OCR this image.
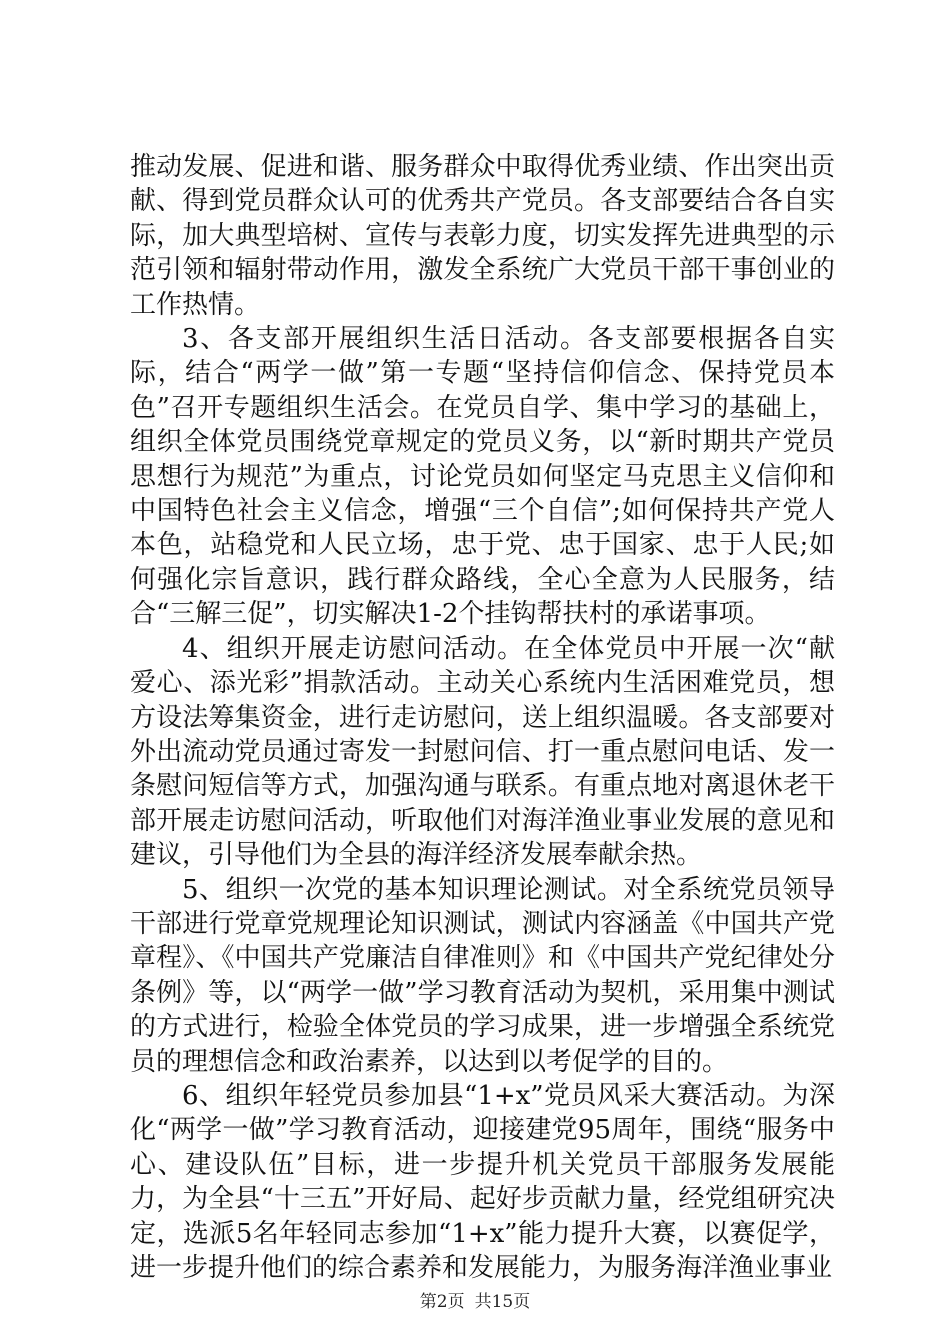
推动发展、促进和谐、服务群众中取得优秀业绩、作出突出贡献、得到党员群众认可的优秀共产党员。各支部要结合各自实际，加大典型培树、宣传与表彰力度，切实发挥先进典型的示范引领和辐射带动作用，激发全系统广大党员干部干事创业的工作热情。

3、各支部开展组织生活日活动。各支部要根据各自实际，结合“两学一做”第一专题“坚持信仰信念、保持党员本色”召开专题组织生活会。在党员自学、集中学习的基础上，组织全体党员围绕党章规定的党员义务，以“新时期共产党员思想行为规范”为重点，讨论党员如何坚定马克思主义信仰和中国特色社会主义信念，增强“三个自信”;如何保持共产党人本色，站稳党和人民立场，忠于党、忠于国家、忠于人民;如何强化宗旨意识，践行群众路线，全心全意为人民服务，结合“三解三促”，切实解决1-2个挂钩帮扶村的承诺事项。

4、组织开展走访慰问活动。在全体党员中开展一次“献爱心、添光彩”捐款活动。主动关心系统内生活困难党员，想方设法筹集资金，进行走访慰问，送上组织温暖。各支部要对外出流动党员通过寄发一封慰问信、打一重点慰问电话、发一条慰问短信等方式，加强沟通与联系。有重点地对离退休老干部开展走访慰问活动，听取他们对海洋渔业事业发展的意见和建议，引导他们为全县的海洋经济发展奉献余热。

5、组织一次党的基本知识理论测试。对全系统党员领导干部进行党章党规理论知识测试，测试内容涵盖《中国共产党章程》、《中国共产党廉洁自律准则》和《中国共产党纪律处分条例》等，以“两学一做”学习教育活动为契机，采用集中测试的方式进行，检验全体党员的学习成果，进一步增强全系统党员的理想信念和政治素养，以达到以考促学的目的。

6、组织年轻党员参加县“1+x”党员风采大赛活动。为深化“两学一做”学习教育活动，迎接建党95周年，围绕“服务中心、建设队伍”目标，进一步提升机关党员干部服务发展能力，为全县“十三五”开好局、起好步贡献力量，经党组研究决定，选派5名年轻同志参加“1+x”能力提升大赛，以赛促学，进一步提升他们的综合素养和发展能力，为服务海洋渔业事业

第2页 共15页
